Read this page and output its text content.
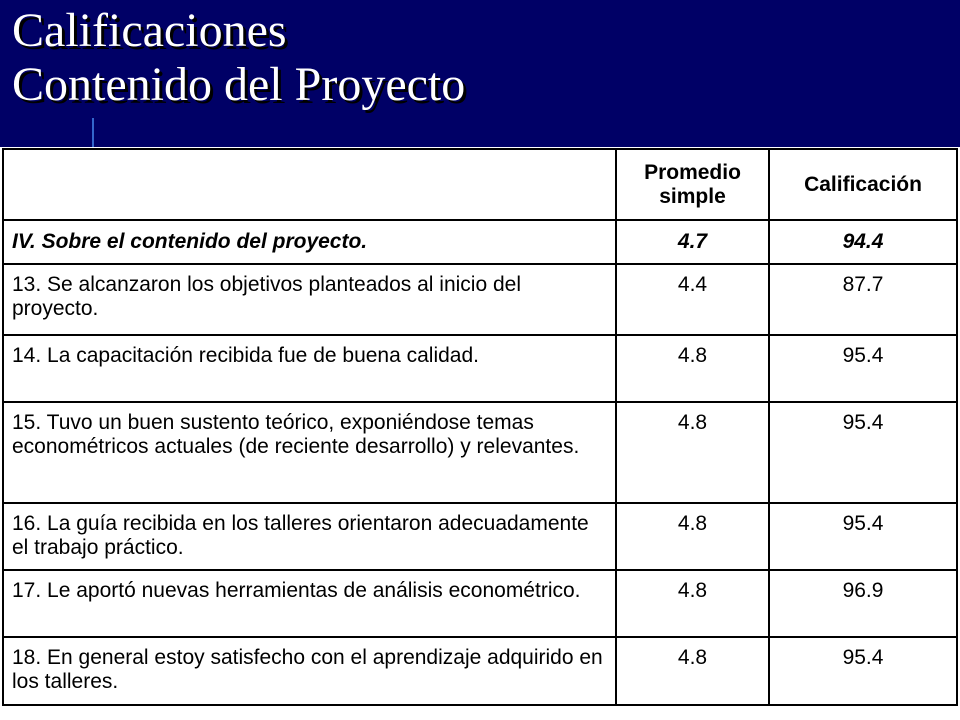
Calificaciones
Contenido del Proyecto
	Promedio simple	Calificación
IV. Sobre el contenido del proyecto.	4.7	94.4
13. Se alcanzaron los objetivos planteados al inicio del proyecto.	4.4	87.7
14. La capacitación recibida fue de buena calidad.	4.8	95.4
15. Tuvo un buen sustento teórico, exponiéndose temas econométricos actuales (de reciente desarrollo) y relevantes.	4.8	95.4
16. La guía recibida en los talleres orientaron adecuadamente el trabajo práctico.	4.8	95.4
17. Le aportó nuevas herramientas de análisis econométrico.	4.8	96.9
18. En general estoy satisfecho con el aprendizaje adquirido en los talleres.	4.8	95.4
